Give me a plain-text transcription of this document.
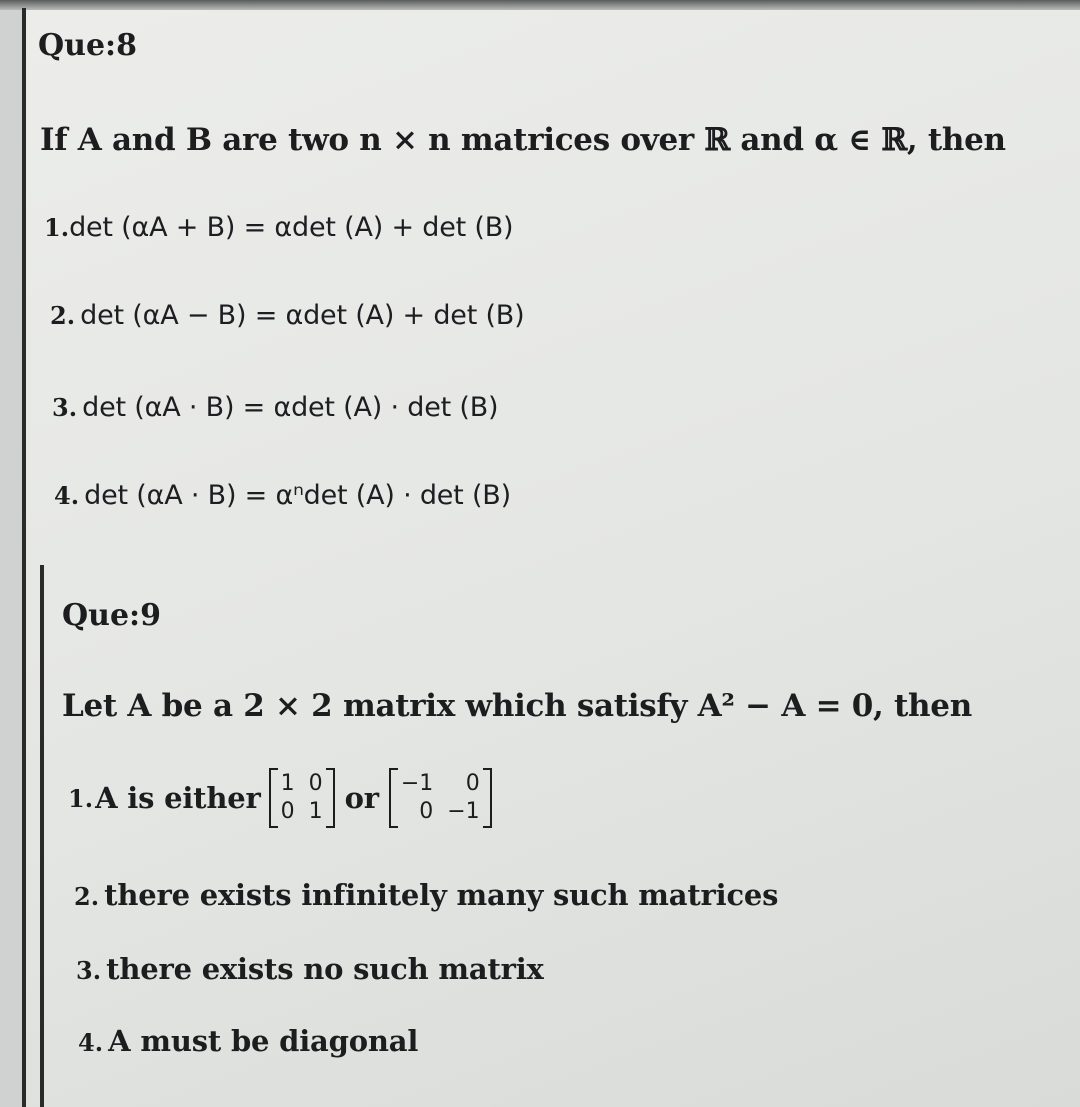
Que:8
If A and B are two n × n matrices over ℝ and α ∈ ℝ, then
1.det (αA + B) = αdet (A) + det (B)
2. det (αA − B) = αdet (A) + det (B)
3. det (αA · B) = αdet (A) · det (B)
4. det (αA · B) = αⁿdet (A) · det (B)
Que:9
Let A be a 2 × 2 matrix which satisfy A² − A = 0, then
1. A is either 1 0
0 1 or −1	0
0 −1
2. there exists infinitely many such matrices
3. there exists no such matrix
4. A must be diagonal
